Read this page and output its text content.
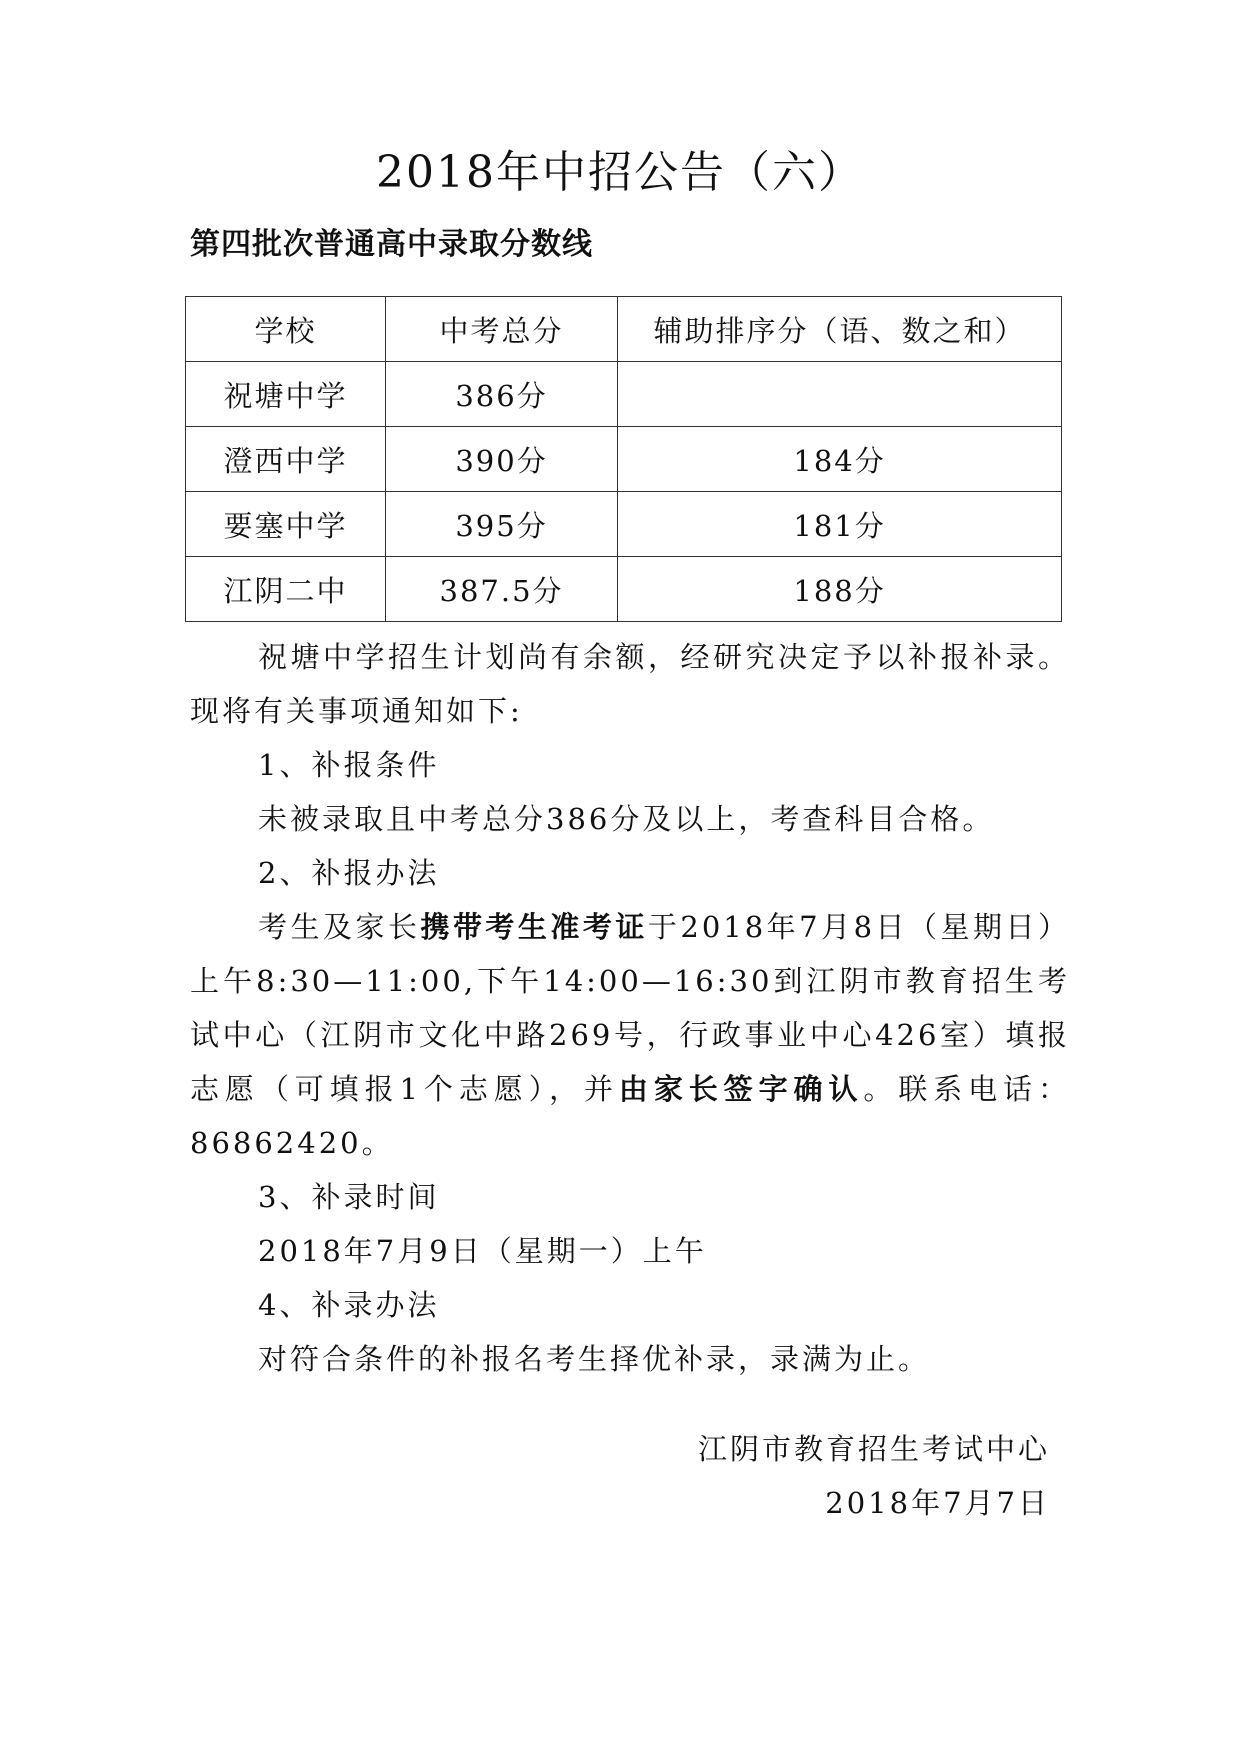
2018年中招公告（六）
第四批次普通高中录取分数线
学校	中考总分	辅助排序分（语、数之和）
祝塘中学	386分	
澄西中学	390分	184分
要塞中学	395分	181分
江阴二中	387.5分	188分

祝塘中学招生计划尚有余额，经研究决定予以补报补录。现将有关事项通知如下:

1、补报条件

未被录取且中考总分386分及以上，考查科目合格。

2、补报办法

考生及家长携带考生准考证于2018年7月8日（星期日）上午8:30—11:00,下午14:00—16:30到江阴市教育招生考试中心（江阴市文化中路269号，行政事业中心426室）填报志愿（可填报1个志愿），并由家长签字确认。联系电话：86862420。

3、补录时间

2018年7月9日（星期一）上午

4、补录办法

对符合条件的补报名考生择优补录，录满为止。

江阴市教育招生考试中心
2018年7月7日
